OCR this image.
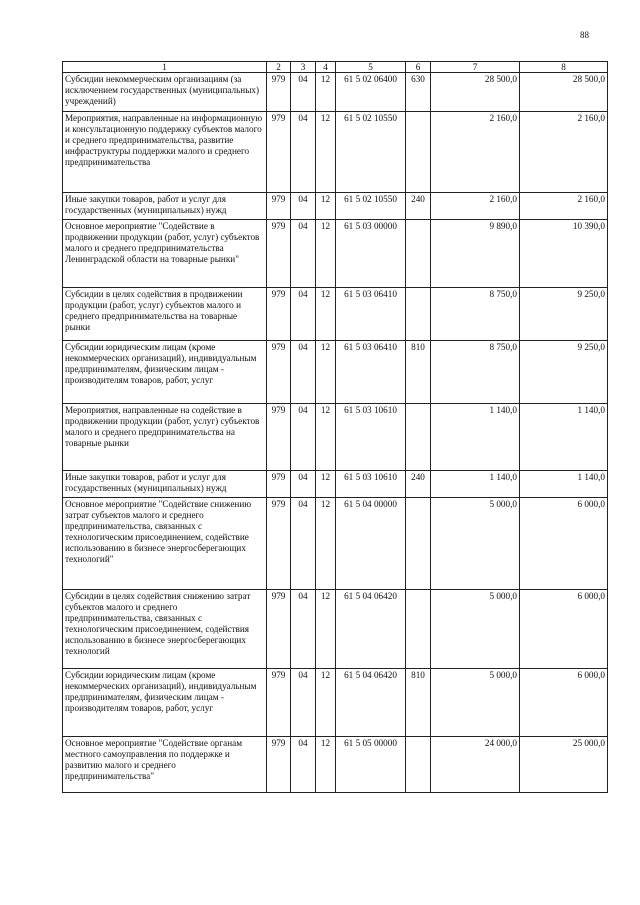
88
1	2	3	4	5	6	7	8
Субсидии некоммерческим организациям (за исключением государственных (муниципальных) учреждений)	979	04	12	61 5 02 06400	630	28 500,0	28 500,0
Мероприятия, направленные на информационную и консультационную поддержку субъектов малого и среднего предпринимательства, развитие инфраструктуры поддержки малого и среднего предпринимательства	979	04	12	61 5 02 10550		2 160,0	2 160,0
Иные закупки товаров, работ и услуг для государственных (муниципальных) нужд	979	04	12	61 5 02 10550	240	2 160,0	2 160,0
Основное мероприятие "Содействие в продвижении продукции (работ, услуг) субъектов малого и среднего предпринимательства Ленинградской области на товарные рынки"	979	04	12	61 5 03 00000		9 890,0	10 390,0
Субсидии в целях содействия в продвижении продукции (работ, услуг) субъектов малого и среднего предпринимательства на товарные рынки	979	04	12	61 5 03 06410		8 750,0	9 250,0
Субсидии юридическим лицам (кроме некоммерческих организаций), индивидуальным предпринимателям, физическим лицам - производителям товаров, работ, услуг	979	04	12	61 5 03 06410	810	8 750,0	9 250,0
Мероприятия, направленные на содействие в продвижении продукции (работ, услуг) субъектов малого и среднего предпринимательства на товарные рынки	979	04	12	61 5 03 10610		1 140,0	1 140,0
Иные закупки товаров, работ и услуг для государственных (муниципальных) нужд	979	04	12	61 5 03 10610	240	1 140,0	1 140,0
Основное мероприятие "Содействие снижению затрат субъектов малого и среднего предпринимательства, связанных с технологическим присоединением, содействие использованию в бизнесе энергосберегающих технологий"	979	04	12	61 5 04 00000		5 000,0	6 000,0
Субсидии в целях содействия снижению затрат субъектов малого и среднего предпринимательства, связанных с технологическим присоединением, содействия использованию в бизнесе энергосберегающих технологий	979	04	12	61 5 04 06420		5 000,0	6 000,0
Субсидии юридическим лицам (кроме некоммерческих организаций), индивидуальным предпринимателям, физическим лицам - производителям товаров, работ, услуг	979	04	12	61 5 04 06420	810	5 000,0	6 000,0
Основное мероприятие "Содействие органам местного самоуправления по поддержке и развитию малого и среднего предпринимательства"	979	04	12	61 5 05 00000		24 000,0	25 000,0
